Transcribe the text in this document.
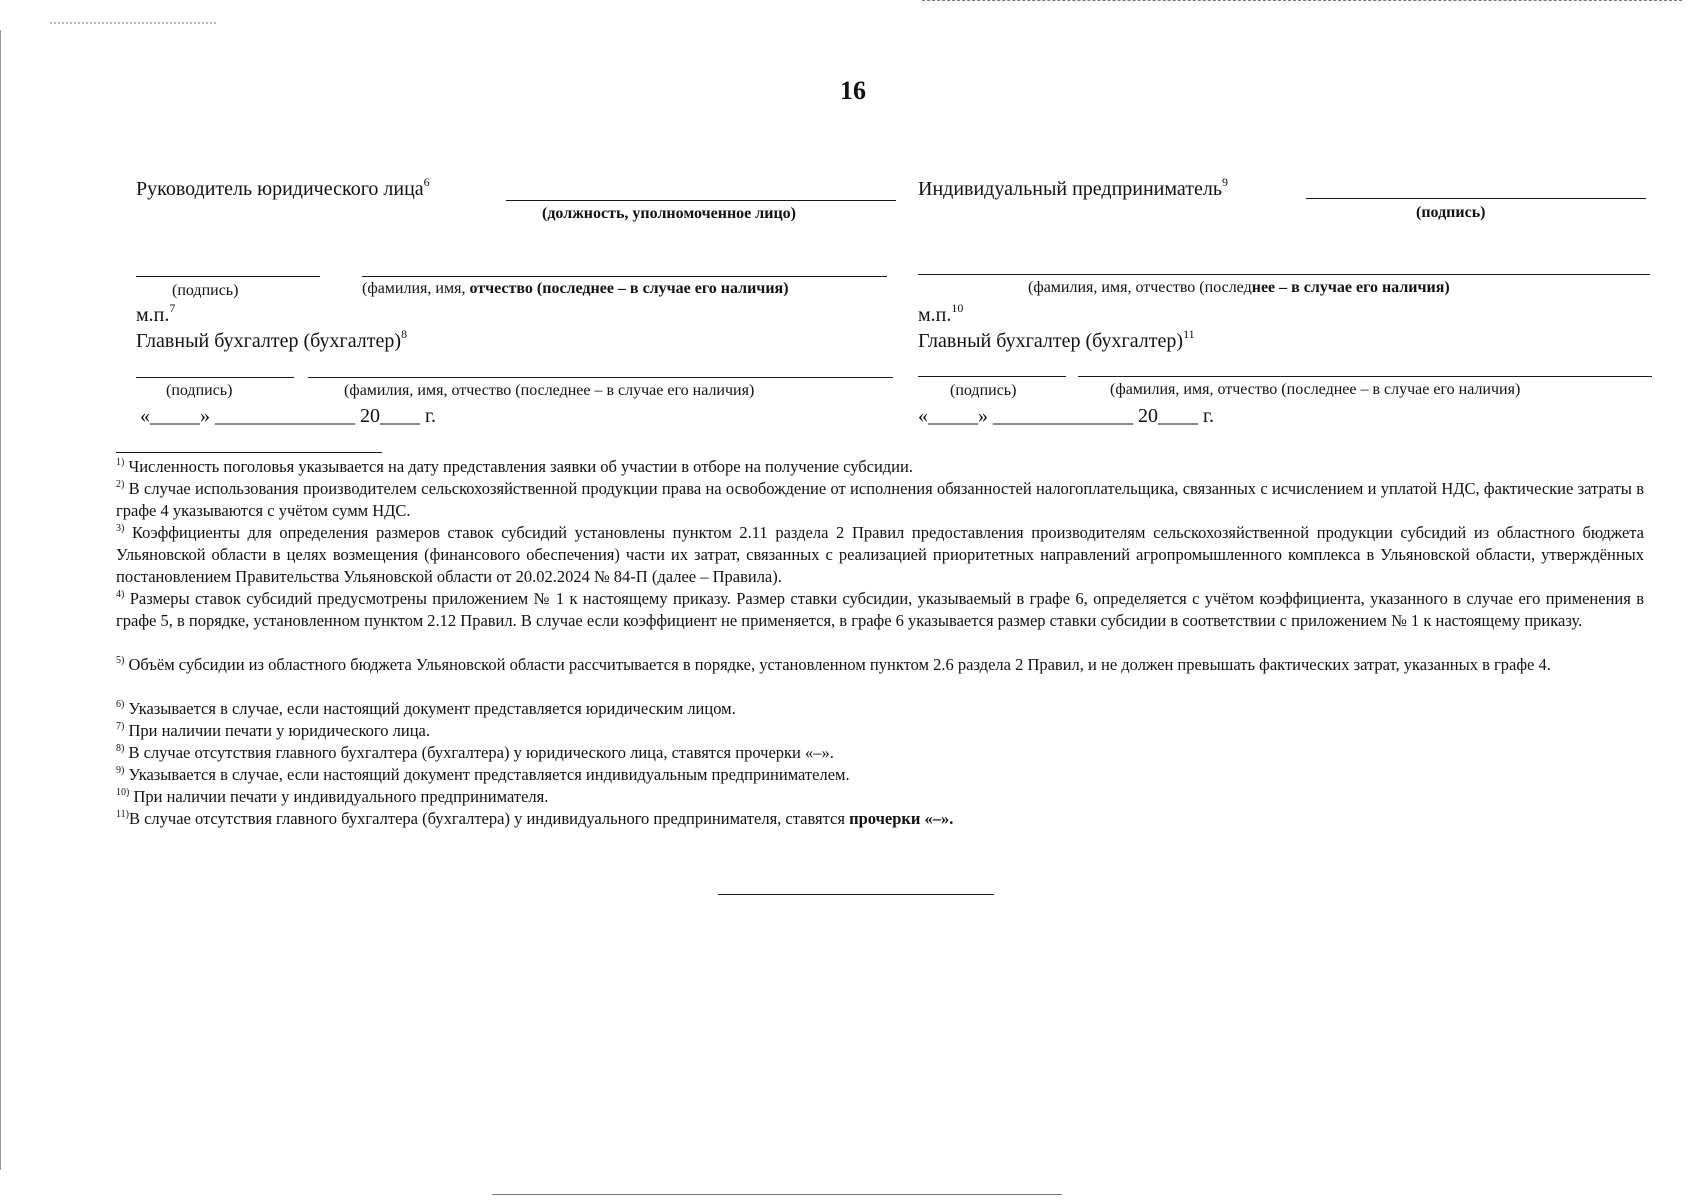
16
Руководитель юридического лица$^6$
(должность, уполномоченное лицо)
(подпись)	(фамилия, имя, отчество (последнее – в случае его наличия)
м.п.$^7$
Главный бухгалтер (бухгалтер)$^8$
(подпись)	(фамилия, имя, отчество (последнее – в случае его наличия)
«_____» ______________ 20____ г.
Индивидуальный предприниматель$^9$
(подпись)
(фамилия, имя, отчество (последнее – в случае его наличия)
м.п.$^{10}$
Главный бухгалтер (бухгалтер)$^{11}$
(подпись)	(фамилия, имя, отчество (последнее – в случае его наличия)
«_____» ______________ 20____ г.
$^{1)}$ Численность поголовья указывается на дату представления заявки об участии в отборе на получение субсидии.
$^{2)}$ В случае использования производителем сельскохозяйственной продукции права на освобождение от исполнения обязанностей налогоплательщика, связанных с исчислением и уплатой НДС, фактические затраты в графе 4 указываются с учётом сумм НДС.
$^{3)}$ Коэффициенты для определения размеров ставок субсидий установлены пунктом 2.11 раздела 2 Правил предоставления производителям сельскохозяйственной продукции субсидий из областного бюджета Ульяновской области в целях возмещения (финансового обеспечения) части их затрат, связанных с реализацией приоритетных направлений агропромышленного комплекса в Ульяновской области, утверждённых постановлением Правительства Ульяновской области от 20.02.2024 № 84-П (далее – Правила).
$^{4)}$ Размеры ставок субсидий предусмотрены приложением № 1 к настоящему приказу. Размер ставки субсидии, указываемый в графе 6, определяется с учётом коэффициента, указанного в случае его применения в графе 5, в порядке, установленном пунктом 2.12 Правил. В случае если коэффициент не применяется, в графе 6 указывается размер ставки субсидии в соответствии с приложением № 1 к настоящему приказу.
$^{5)}$ Объём субсидии из областного бюджета Ульяновской области рассчитывается в порядке, установленном пунктом 2.6 раздела 2 Правил, и не должен превышать фактических затрат, указанных в графе 4.
$^{6)}$ Указывается в случае, если настоящий документ представляется юридическим лицом.
$^{7)}$ При наличии печати у юридического лица.
$^{8)}$ В случае отсутствия главного бухгалтера (бухгалтера) у юридического лица, ставятся прочерки «–».
$^{9)}$ Указывается в случае, если настоящий документ представляется индивидуальным предпринимателем.
$^{10)}$ При наличии печати у индивидуального предпринимателя.
$^{11)}$В случае отсутствия главного бухгалтера (бухгалтера) у индивидуального предпринимателя, ставятся прочерки «–».
